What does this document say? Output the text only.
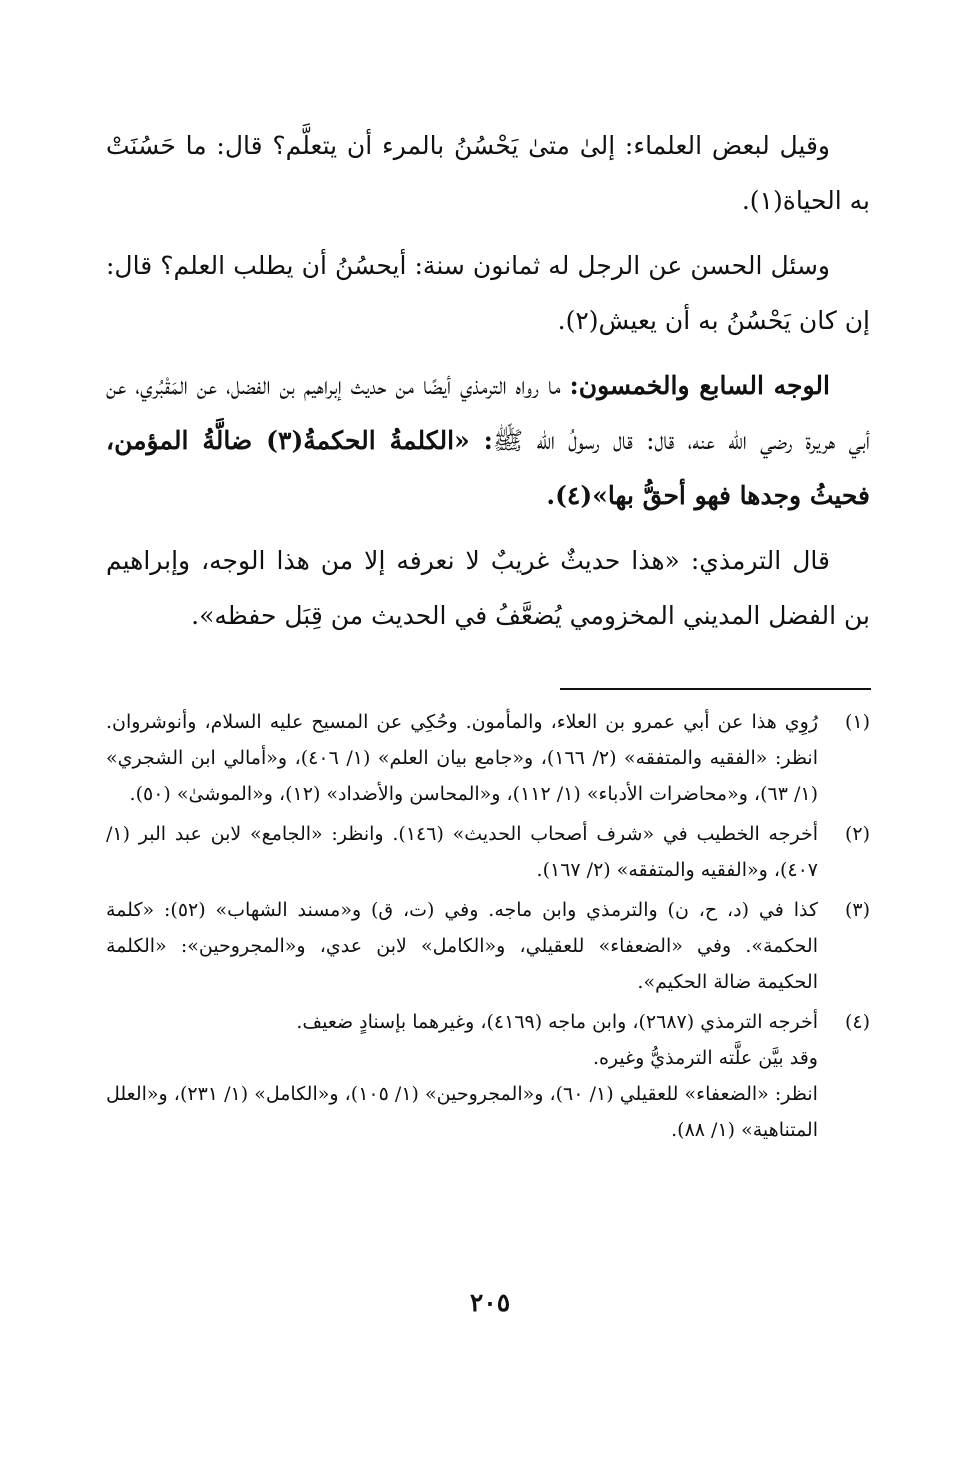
وقيل لبعض العلماء: إلىٰ متىٰ يَحْسُنُ بالمرء أن يتعلَّم؟ قال: ما حَسُنَتْ به الحياة(١).

وسئل الحسن عن الرجل له ثمانون سنة: أيحسُنُ أن يطلب العلم؟ قال: إن كان يَحْسُنُ به أن يعيش(٢).

الوجه السابع والخمسون: ما رواه الترمذي أيضًا من حديث إبراهيم بن الفضل، عن المَقْبُري، عن أبي هريرة رضي الله عنه، قال: قال رسولُ الله ﷺ: «الكلمةُ الحكمةُ(٣) ضالَّةُ المؤمن، فحيثُ وجدها فهو أحقُّ بها»(٤).

قال الترمذي: «هذا حديثٌ غريبٌ لا نعرفه إلا من هذا الوجه، وإبراهيم بن الفضل المديني المخزومي يُضعَّفُ في الحديث من قِبَل حفظه».

(١)
رُوِي هذا عن أبي عمرو بن العلاء، والمأمون. وحُكِي عن المسيح عليه السلام، وأنوشروان. انظر: «الفقيه والمتفقه» (٢/ ١٦٦)، و«جامع بيان العلم» (١/ ٤٠٦)، و«أمالي ابن الشجري» (١/ ٦٣)، و«محاضرات الأدباء» (١/ ١١٢)، و«المحاسن والأضداد» (١٢)، و«الموشىٰ» (٥٠).
(٢)
أخرجه الخطيب في «شرف أصحاب الحديث» (١٤٦). وانظر: «الجامع» لابن عبد البر (١/ ٤٠٧)، و«الفقيه والمتفقه» (٢/ ١٦٧).
(٣)
كذا في (د، ح، ن) والترمذي وابن ماجه. وفي (ت، ق) و«مسند الشهاب» (٥٢): «كلمة الحكمة». وفي «الضعفاء» للعقيلي، و«الكامل» لابن عدي، و«المجروحين»: «الكلمة الحكيمة ضالة الحكيم».
(٤)
أخرجه الترمذي (٢٦٨٧)، وابن ماجه (٤١٦٩)، وغيرهما بإسنادٍ ضعيف.
وقد بيَّن علَّته الترمذيُّ وغيره.
انظر: «الضعفاء» للعقيلي (١/ ٦٠)، و«المجروحين» (١/ ١٠٥)، و«الكامل» (١/ ٢٣١)، و«العلل المتناهية» (١/ ٨٨).
٢٠٥
